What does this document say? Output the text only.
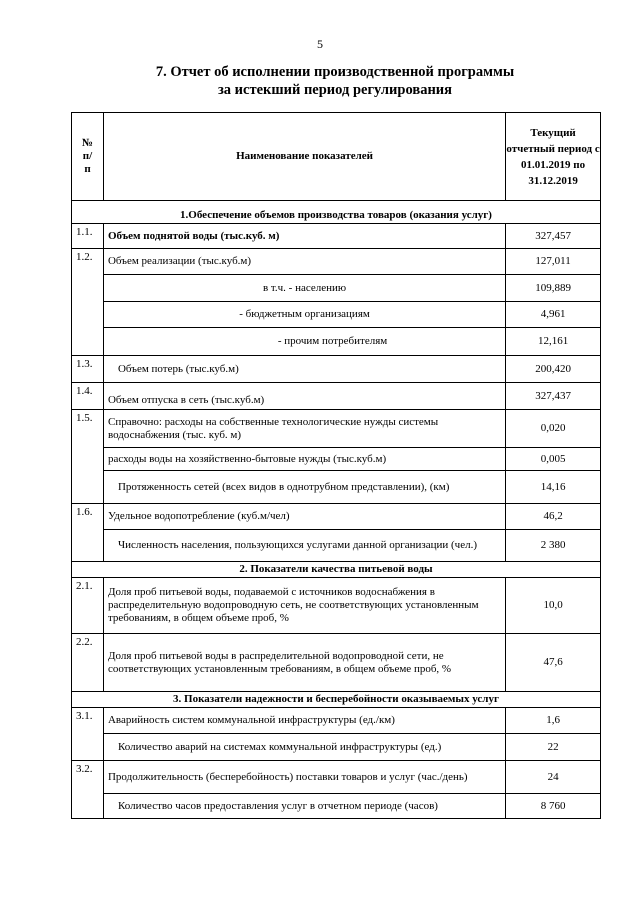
5
7. Отчет об исполнении производственной программы
за истекший период регулирования
№ п/п	Наименование показателей	Текущий отчетный период с 01.01.2019 по 31.12.2019
1.Обеспечение объемов производства товаров (оказания услуг)		
1.1.	Объем поднятой воды (тыс.куб. м)	327,457
1.2.	Объем реализации (тыс.куб.м)	127,011
	в т.ч. - населению	109,889
	- бюджетным организациям	4,961
	- прочим потребителям	12,161
1.3.	Объем потерь (тыс.куб.м)	200,420
1.4.	Объем отпуска в сеть (тыс.куб.м)	327,437
1.5.	Справочно: расходы на собственные технологические нужды системы водоснабжения (тыс. куб. м)	0,020
	расходы воды на хозяйственно-бытовые нужды (тыс.куб.м)	0,005
	Протяженность сетей (всех видов в однотрубном представлении), (км)	14,16
1.6.	Удельное водопотребление (куб.м/чел)	46,2
	Численность населения, пользующихся услугами данной организации (чел.)	2 380
2. Показатели качества питьевой воды		
2.1.	Доля проб питьевой воды, подаваемой с источников водоснабжения в распределительную водопроводную сеть, не соответствующих установленным требованиям, в общем объеме проб, %	10,0
2.2.	Доля проб питьевой воды в распределительной водопроводной сети, не соответствующих установленным требованиям, в общем объеме проб, %	47,6
3. Показатели надежности и бесперебойности оказываемых услуг		
3.1.	Аварийность систем коммунальной инфраструктуры (ед./км)	1,6
	Количество аварий на системах коммунальной инфраструктуры (ед.)	22
3.2.	Продолжительность (бесперебойность) поставки товаров и услуг (час./день)	24
	Количество часов предоставления услуг в отчетном периоде (часов)	8 760
